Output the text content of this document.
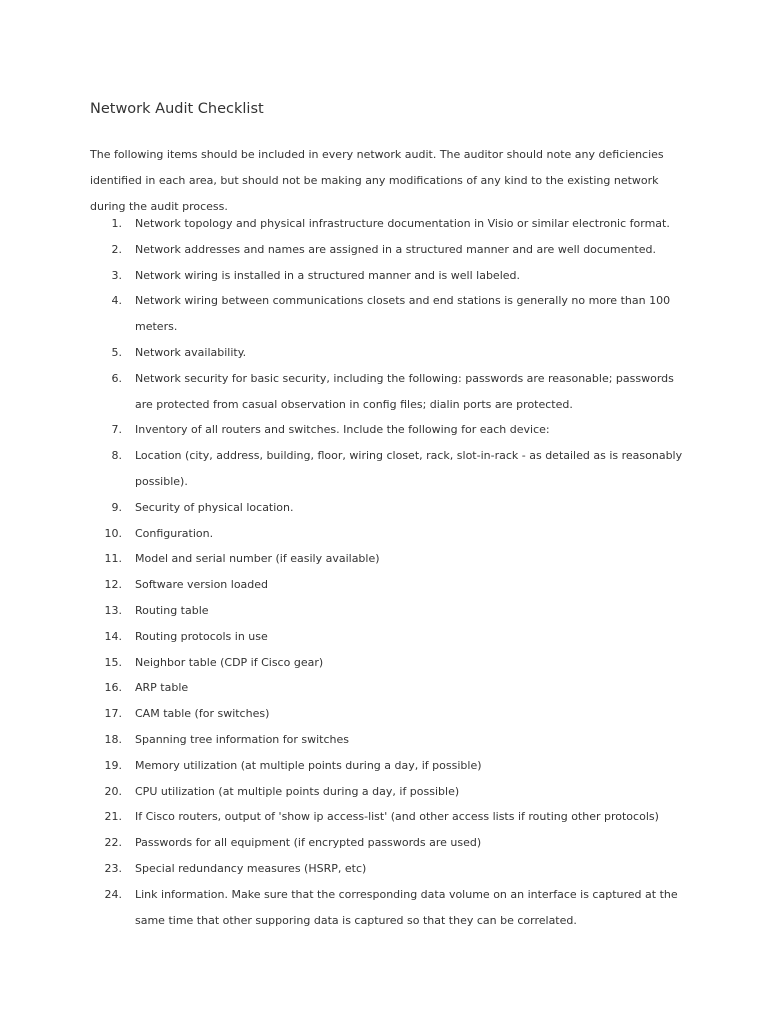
Network Audit Checklist

The following items should be included in every network audit. The auditor should note any deficiencies identified in each area, but should not be making any modifications of any kind to the existing network during the audit process.

1. Network topology and physical infrastructure documentation in Visio or similar electronic format.
2. Network addresses and names are assigned in a structured manner and are well documented.
3. Network wiring is installed in a structured manner and is well labeled.
4. Network wiring between communications closets and end stations is generally no more than 100 meters.
5. Network availability.
6. Network security for basic security, including the following: passwords are reasonable; passwords are protected from casual observation in config files; dialin ports are protected.
7. Inventory of all routers and switches. Include the following for each device:
8. Location (city, address, building, floor, wiring closet, rack, slot-in-rack - as detailed as is reasonably possible).
9. Security of physical location.
10. Configuration.
11. Model and serial number (if easily available)
12. Software version loaded
13. Routing table
14. Routing protocols in use
15. Neighbor table (CDP if Cisco gear)
16. ARP table
17. CAM table (for switches)
18. Spanning tree information for switches
19. Memory utilization (at multiple points during a day, if possible)
20. CPU utilization (at multiple points during a day, if possible)
21. If Cisco routers, output of 'show ip access-list' (and other access lists if routing other protocols)
22. Passwords for all equipment (if encrypted passwords are used)
23. Special redundancy measures (HSRP, etc)
24. Link information. Make sure that the corresponding data volume on an interface is captured at the same time that other supporing data is captured so that they can be correlated.
